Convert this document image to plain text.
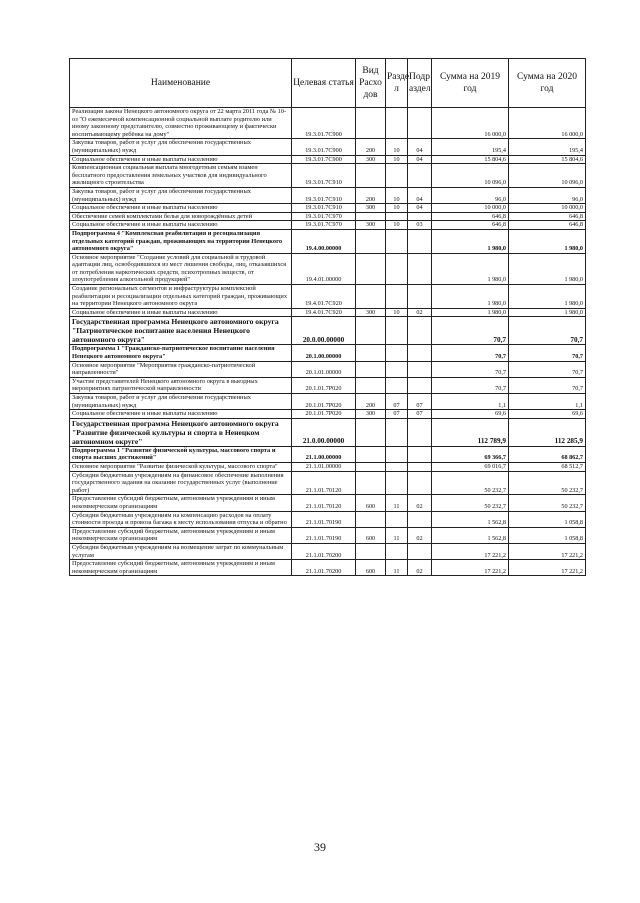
Наименование	Целевая статья	Вид Расхо дов	Разде л	Подр аздел	Сумма на 2019 год	Сумма на 2020 год
Реализация закона Ненецкого автономного округа от 22 марта 2011 года № 10-оз "О ежемесячной компенсационной социальной выплате родителю или иному законному представителю, совместно проживающему и фактически воспитывающему ребёнка на дому"	19.3.01.7С900				16 000,0	16 000,0
Закупка товаров, работ и услуг для обеспечения государственных (муниципальных) нужд	19.3.01.7С900	200	10	04	195,4	195,4
Социальное обеспечение и иные выплаты населению	19.3.01.7С900	300	10	04	15 804,6	15 804,6
Компенсационная социальная выплата многодетным семьям взамен бесплатного предоставления земельных участков для индивидуального жилищного строительства	19.3.01.7С910				10 096,0	10 096,0
Закупка товаров, работ и услуг для обеспечения государственных (муниципальных) нужд	19.3.01.7С910	200	10	04	96,0	96,0
Социальное обеспечение и иные выплаты населению	19.3.01.7С910	300	10	04	10 000,0	10 000,0
Обеспечение семей комплектами белья для новорождённых детей	19.3.01.7С970				646,8	646,8
Социальное обеспечение и иные выплаты населению	19.3.01.7С970	300	10	03	646,8	646,8
Подпрограмма 4 "Комплексная реабилитация и ресоциализация отдельных категорий граждан, проживающих на территории Ненецкого автономного округа"	19.4.00.00000				1 980,0	1 980,0
Основное мероприятие "Создание условий для социальной и трудовой адаптации лиц, освободившихся из мест лишения свободы, лиц, отказавшихся от потребления наркотических средств, психотропных веществ, от злоупотребления алкогольной продукцией"	19.4.01.00000				1 980,0	1 980,0
Создание региональных сегментов и инфраструктуры комплексной реабилитации и ресоциализации отдельных категорий граждан, проживающих на территории Ненецкого автономного округа	19.4.01.7С920				1 980,0	1 980,0
Социальное обеспечение и иные выплаты населению	19.4.01.7С920	300	10	02	1 980,0	1 980,0
Государственная программа Ненецкого автономного округа "Патриотическое воспитание населения Ненецкого автономного округа"	20.0.00.00000				70,7	70,7
Подпрограмма 1 "Гражданско-патриотическое воспитание населения Ненецкого автономного округа"	20.1.00.00000				70,7	70,7
Основное мероприятие "Мероприятия гражданско-патриотической направленности"	20.1.01.00000				70,7	70,7
Участие представителей Ненецкого автономного округа в выездных мероприятиях патриотической направленности	20.1.01.7Р020				70,7	70,7
Закупка товаров, работ и услуг для обеспечения государственных (муниципальных) нужд	20.1.01.7Р020	200	07	07	1,1	1,1
Социальное обеспечение и иные выплаты населению	20.1.01.7Р020	300	07	07	69,6	69,6
Государственная программа Ненецкого автономного округа "Развитие физической культуры и спорта в Ненецком автономном округе"	21.0.00.00000				112 789,9	112 285,9
Подпрограмма 1 "Развитие физической культуры, массового спорта и спорта высших достижений"	21.1.00.00000				69 366,7	68 862,7
Основное мероприятие "Развитие физической культуры, массового спорта"	21.1.01.00000				69 016,7	68 512,7
Субсидии бюджетным учреждениям на финансовое обеспечение выполнения государственного задания на оказание государственных услуг (выполнение работ)	21.1.01.70120				50 232,7	50 232,7
Предоставление субсидий бюджетным, автономным учреждениям и иным некоммерческим организациям	21.1.01.70120	600	11	02	50 232,7	50 232,7
Субсидии бюджетным учреждениям на компенсацию расходов на оплату стоимости проезда и провоза багажа к месту использования отпуска и обратно	21.1.01.70190				1 562,8	1 058,8
Предоставление субсидий бюджетным, автономным учреждениям и иным некоммерческим организациям	21.1.01.70190	600	11	02	1 562,8	1 058,8
Субсидии бюджетным учреждениям на возмещение затрат по коммунальным услугам	21.1.01.70200				17 221,2	17 221,2
Предоставление субсидий бюджетным, автономным учреждениям и иным некоммерческим организациям	21.1.01.70200	600	11	02	17 221,2	17 221,2
39
